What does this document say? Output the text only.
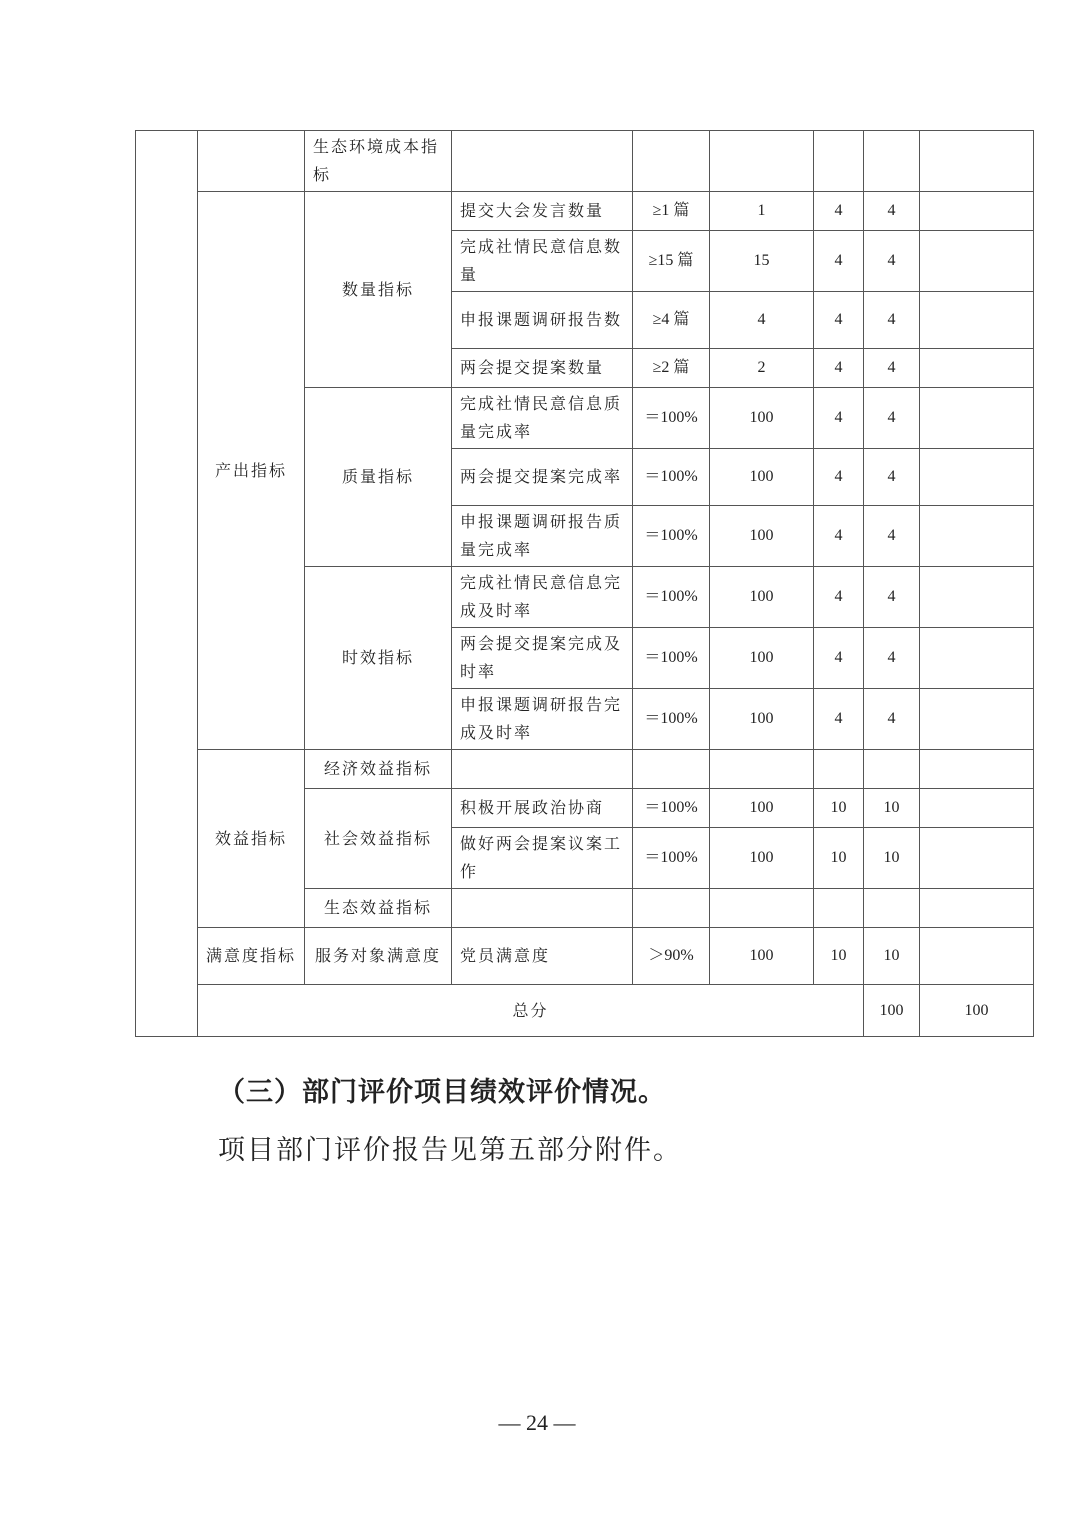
		生态环境成本指标							
	产出指标	数量指标	提交大会发言数量	≥1 篇	1	4	4		
			完成社情民意信息数量	≥15 篇	15	4	4		
			申报课题调研报告数	≥4 篇	4	4	4		
			两会提交提案数量	≥2 篇	2	4	4		
		质量指标	完成社情民意信息质量完成率	＝100%	100	4	4		
			两会提交提案完成率	＝100%	100	4	4		
			申报课题调研报告质量完成率	＝100%	100	4	4		
		时效指标	完成社情民意信息完成及时率	＝100%	100	4	4		
			两会提交提案完成及时率	＝100%	100	4	4		
			申报课题调研报告完成及时率	＝100%	100	4	4		
	效益指标	经济效益指标							
		社会效益指标	积极开展政治协商	＝100%	100	10	10		
			做好两会提案议案工作	＝100%	100	10	10		
		生态效益指标							
	满意度指标	服务对象满意度	党员满意度	＞90%	100	10	10		
	总分						100	100	

（三）部门评价项目绩效评价情况。

项目部门评价报告见第五部分附件。

— 24 —
